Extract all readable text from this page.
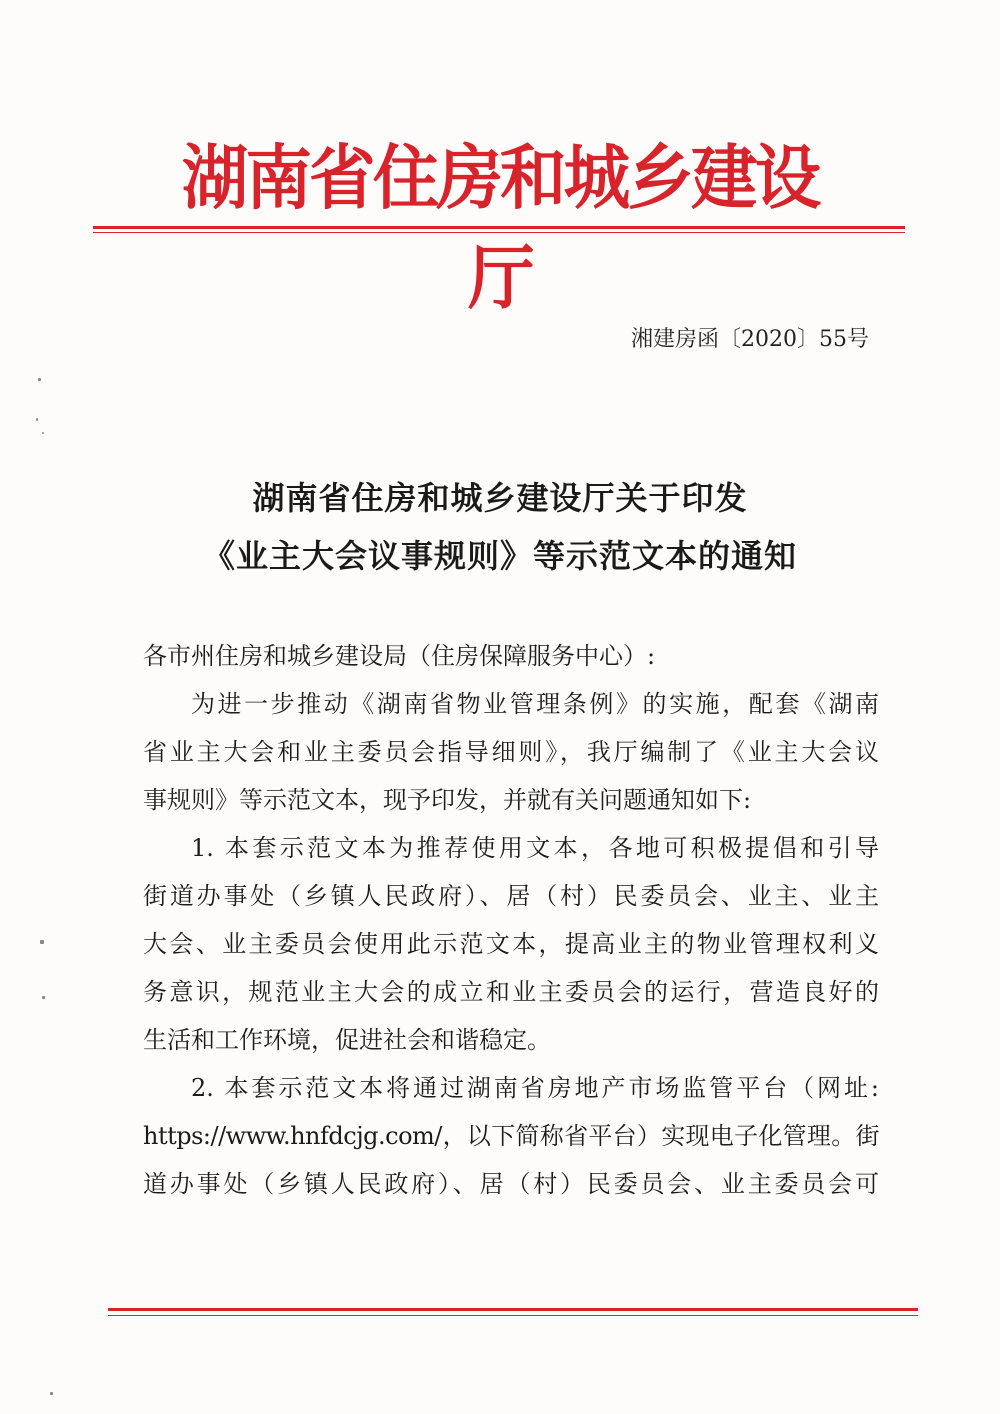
湖南省住房和城乡建设厅
湘建房函〔2020〕55号
湖南省住房和城乡建设厅关于印发
《业主大会议事规则》等示范文本的通知
各市州住房和城乡建设局（住房保障服务中心）:
为进一步推动《湖南省物业管理条例》的实施，配套《湖南
省业主大会和业主委员会指导细则》，我厅编制了《业主大会议
事规则》等示范文本，现予印发，并就有关问题通知如下:
1. 本套示范文本为推荐使用文本，各地可积极提倡和引导
街道办事处（乡镇人民政府）、居（村）民委员会、业主、业主
大会、业主委员会使用此示范文本，提高业主的物业管理权利义
务意识，规范业主大会的成立和业主委员会的运行，营造良好的
生活和工作环境，促进社会和谐稳定。
2. 本套示范文本将通过湖南省房地产市场监管平台（网址:
https://www.hnfdcjg.com/，以下简称省平台）实现电子化管理。街
道办事处（乡镇人民政府）、居（村）民委员会、业主委员会可
